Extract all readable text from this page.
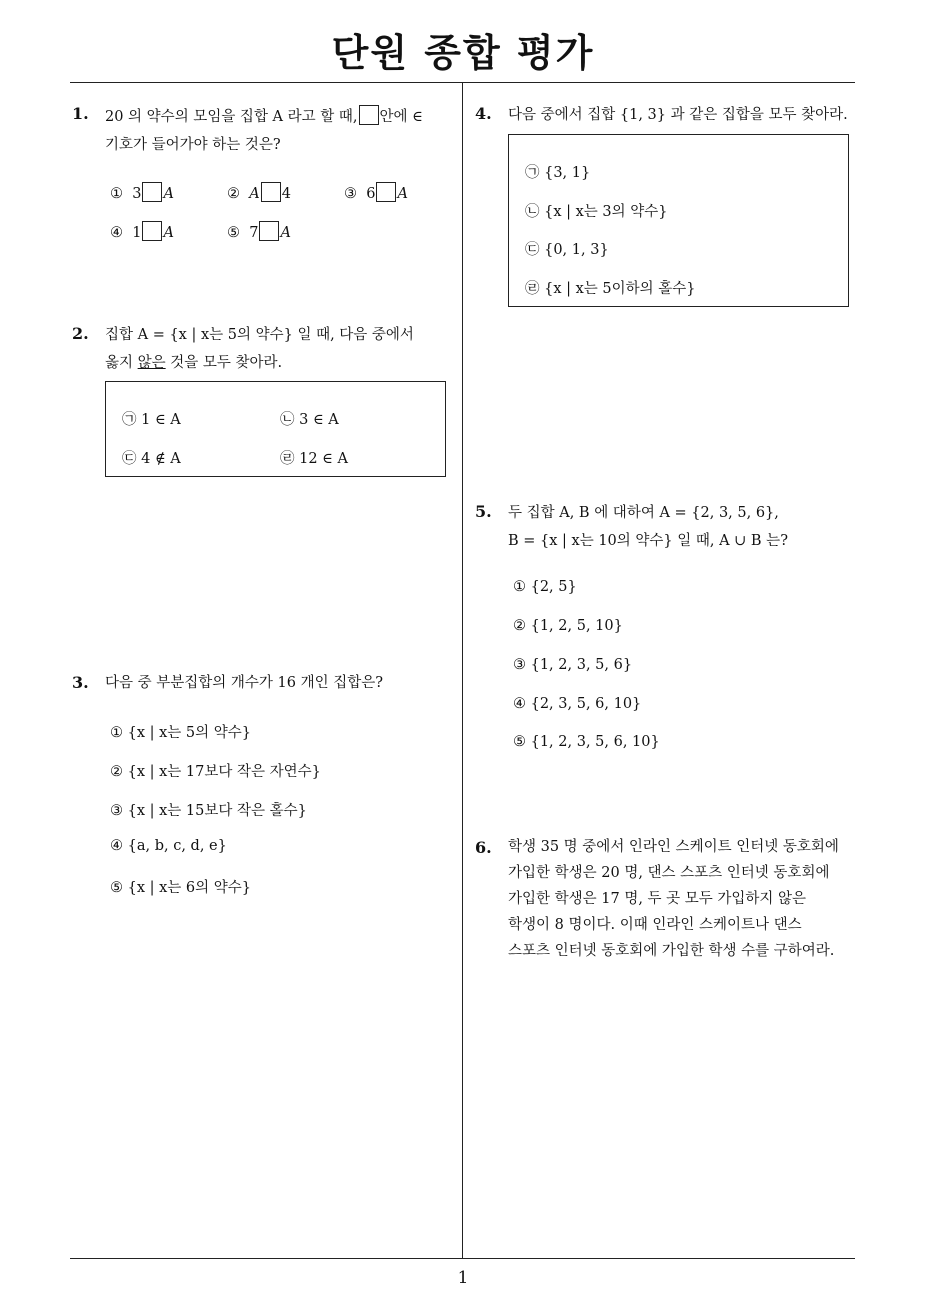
단원 종합 평가
1. 20 의 약수의 모임을 집합 A 라고 할 때, 안에 ∈
기호가 들어가야 하는 것은?
① 3 A	② A 4	③ 6 A
④ 1 A	⑤ 7 A
2. 집합 A = {x | x는 5의 약수} 일 때, 다음 중에서
옳지 않은 것을 모두 찾아라.
㉠ 1 ∈ A	㉡ 3 ∈ A
㉢ 4 ∉ A	㉣ 12 ∈ A
3. 다음 중 부분집합의 개수가 16 개인 집합은?
① {x | x는 5의 약수}
② {x | x는 17보다 작은 자연수}
③ {x | x는 15보다 작은 홀수}
④ {a, b, c, d, e}
⑤ {x | x는 6의 약수}
4. 다음 중에서 집합 {1, 3} 과 같은 집합을 모두 찾아라.
㉠ {3, 1}
㉡ {x | x는 3의 약수}
㉢ {0, 1, 3}
㉣ {x | x는 5이하의 홀수}
5. 두 집합 A, B 에 대하여 A = {2, 3, 5, 6},
B = {x | x는 10의 약수} 일 때, A ∪ B 는?
① {2, 5}
② {1, 2, 5, 10}
③ {1, 2, 3, 5, 6}
④ {2, 3, 5, 6, 10}
⑤ {1, 2, 3, 5, 6, 10}
6. 학생 35 명 중에서 인라인 스케이트 인터넷 동호회에
가입한 학생은 20 명, 댄스 스포츠 인터넷 동호회에
가입한 학생은 17 명, 두 곳 모두 가입하지 않은
학생이 8 명이다. 이때 인라인 스케이트나 댄스
스포츠 인터넷 동호회에 가입한 학생 수를 구하여라.
1
